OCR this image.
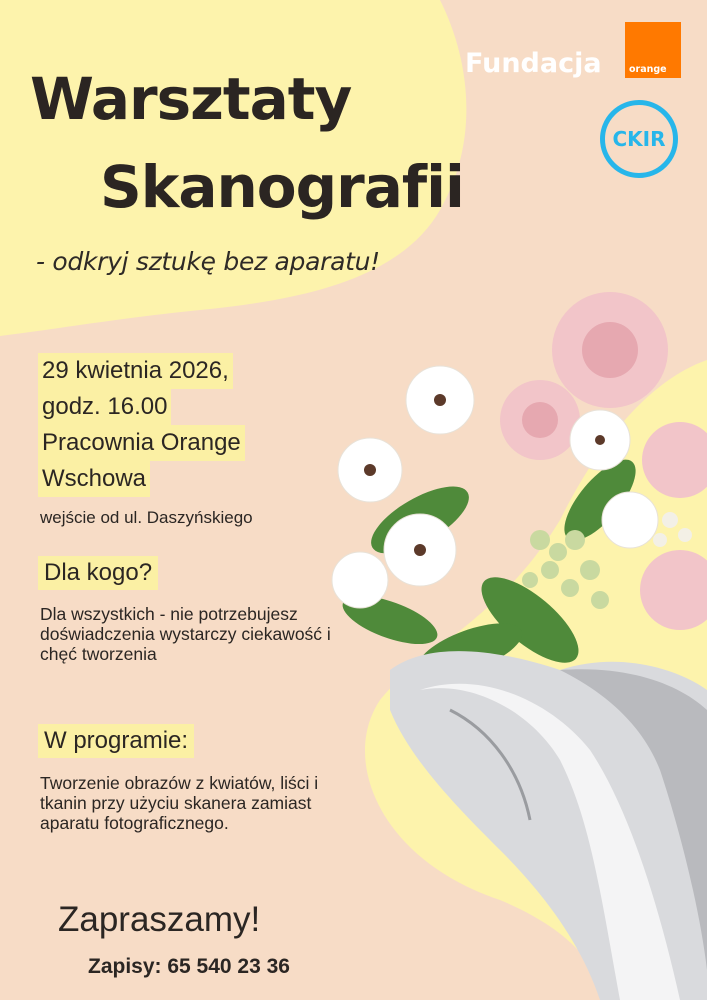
Warsztaty
Skanografii
- odkryj sztukę bez aparatu!
Fundacja	orange
CKIR
29 kwietnia 2026,
godz. 16.00
Pracownia Orange
Wschowa
wejście od ul. Daszyńskiego
Dla kogo?
Dla wszystkich - nie potrzebujesz doświadczenia wystarczy ciekawość i chęć tworzenia
W programie:
Tworzenie obrazów z kwiatów, liści i tkanin przy użyciu skanera zamiast aparatu fotograficznego.
Zapraszamy!
Zapisy: 65 540 23 36
